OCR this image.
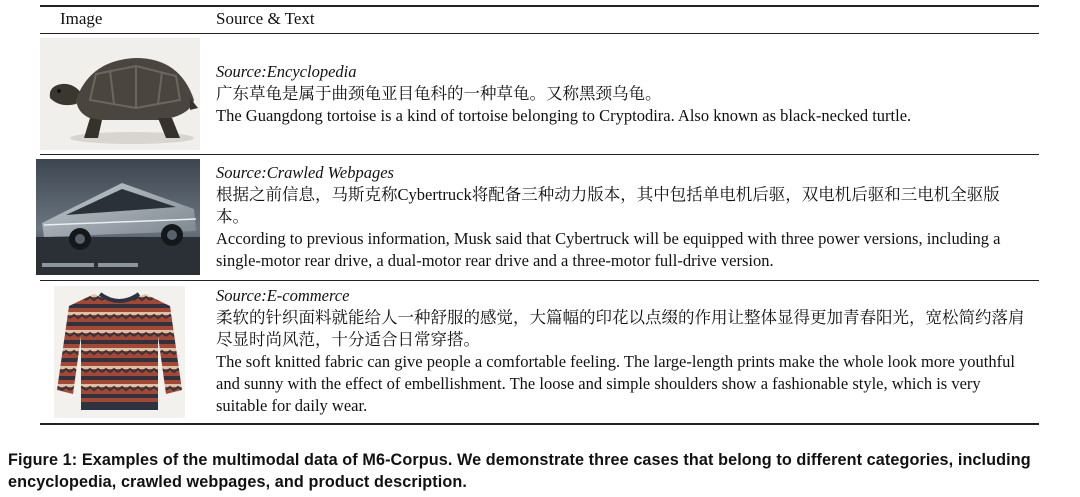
Image	Source & Text
Source:Encyclopedia
广东草龟是属于曲颈龟亚目龟科的一种草龟。又称黑颈乌龟。
The Guangdong tortoise is a kind of tortoise belonging to Cryptodira. Also known as black-necked turtle.
Source:Crawled Webpages
根据之前信息，马斯克称Cybertruck将配备三种动力版本，其中包括单电机后驱，双电机后驱和三电机全驱版本。
According to previous information, Musk said that Cybertruck will be equipped with three power versions, including a single-motor rear drive, a dual-motor rear drive and a three-motor full-drive version.
Source:E-commerce
柔软的针织面料就能给人一种舒服的感觉，大篇幅的印花以点缀的作用让整体显得更加青春阳光，宽松简约落肩尽显时尚风范，十分适合日常穿搭。
The soft knitted fabric can give people a comfortable feeling. The large-length prints make the whole look more youthful and sunny with the effect of embellishment. The loose and simple shoulders show a fashionable style, which is very suitable for daily wear.
Figure 1: Examples of the multimodal data of M6-Corpus. We demonstrate three cases that belong to different categories, including encyclopedia, crawled webpages, and product description.
